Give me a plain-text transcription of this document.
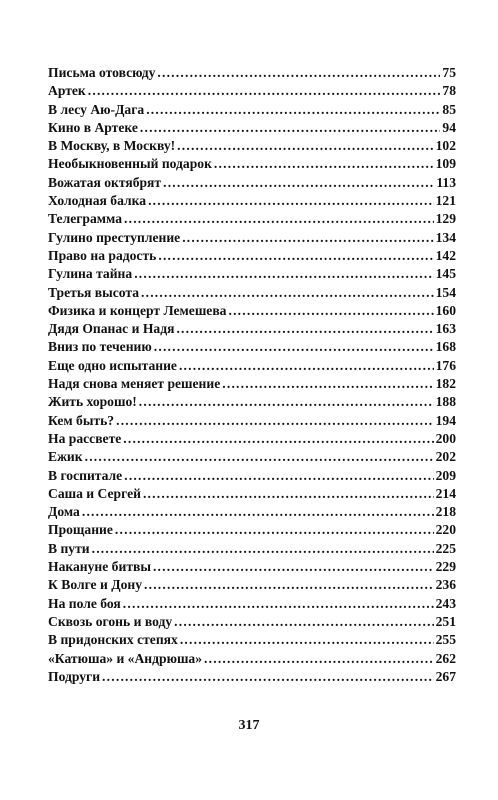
Письма отовсюду .....	75
Артек .....	78
В лесу Аю-Дага .....	85
Кино в Артеке .....	94
В Москву, в Москву! .....	102
Необыкновенный подарок .....	109
Вожатая октябрят .....	113
Холодная балка .....	121
Телеграмма .....	129
Гулино преступление .....	134
Право на радость .....	142
Гулина тайна .....	145
Третья высота .....	154
Физика и концерт Лемешева .....	160
Дядя Опанас и Надя .....	163
Вниз по течению .....	168
Еще одно испытание .....	176
Надя снова меняет решение .....	182
Жить хорошо! .....	188
Кем быть? .....	194
На рассвете .....	200
Ежик .....	202
В госпитале .....	209
Саша и Сергей .....	214
Дома .....	218
Прощание .....	220
В пути .....	225
Накануне битвы .....	229
К Волге и Дону .....	236
На поле боя .....	243
Сквозь огонь и воду .....	251
В придонских степях .....	255
«Катюша» и «Андрюша» .....	262
Подруги .....	267
317
